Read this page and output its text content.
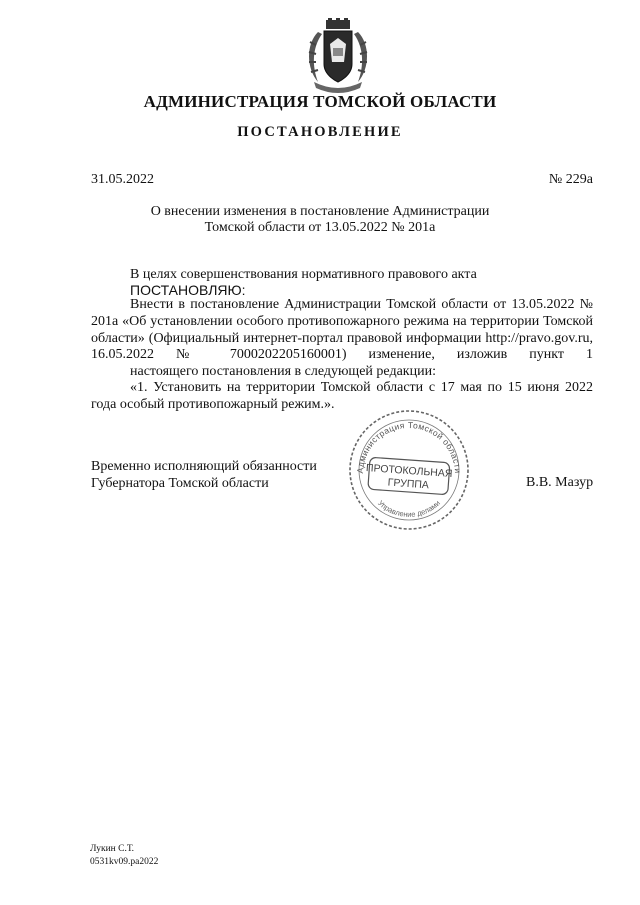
АДМИНИСТРАЦИЯ ТОМСКОЙ ОБЛАСТИ
ПОСТАНОВЛЕНИЕ
31.05.2022	№ 229а
О внесении изменения в постановление Администрации
Томской области от 13.05.2022 № 201а
В целях совершенствования нормативного правового акта
ПОСТАНОВЛЯЮ:
Внести в постановление Администрации Томской области от 13.05.2022 № 201а «Об установлении особого противопожарного режима на территории Томской области» (Официальный интернет-портал правовой информации http://pravo.gov.ru, 16.05.2022 № 7000202205160001) изменение, изложив пункт 1
настоящего постановления в следующей редакции:
«1. Установить на территории Томской области с 17 мая по 15 июня 2022 года особый противопожарный режим.».
Временно исполняющий обязанности
Губернатора Томской области
Администрация Томской области
Управление делами
ПРОТОКОЛЬНАЯ
ГРУППА	В.В. Мазур
Лукин С.Т.
0531kv09.ра2022
